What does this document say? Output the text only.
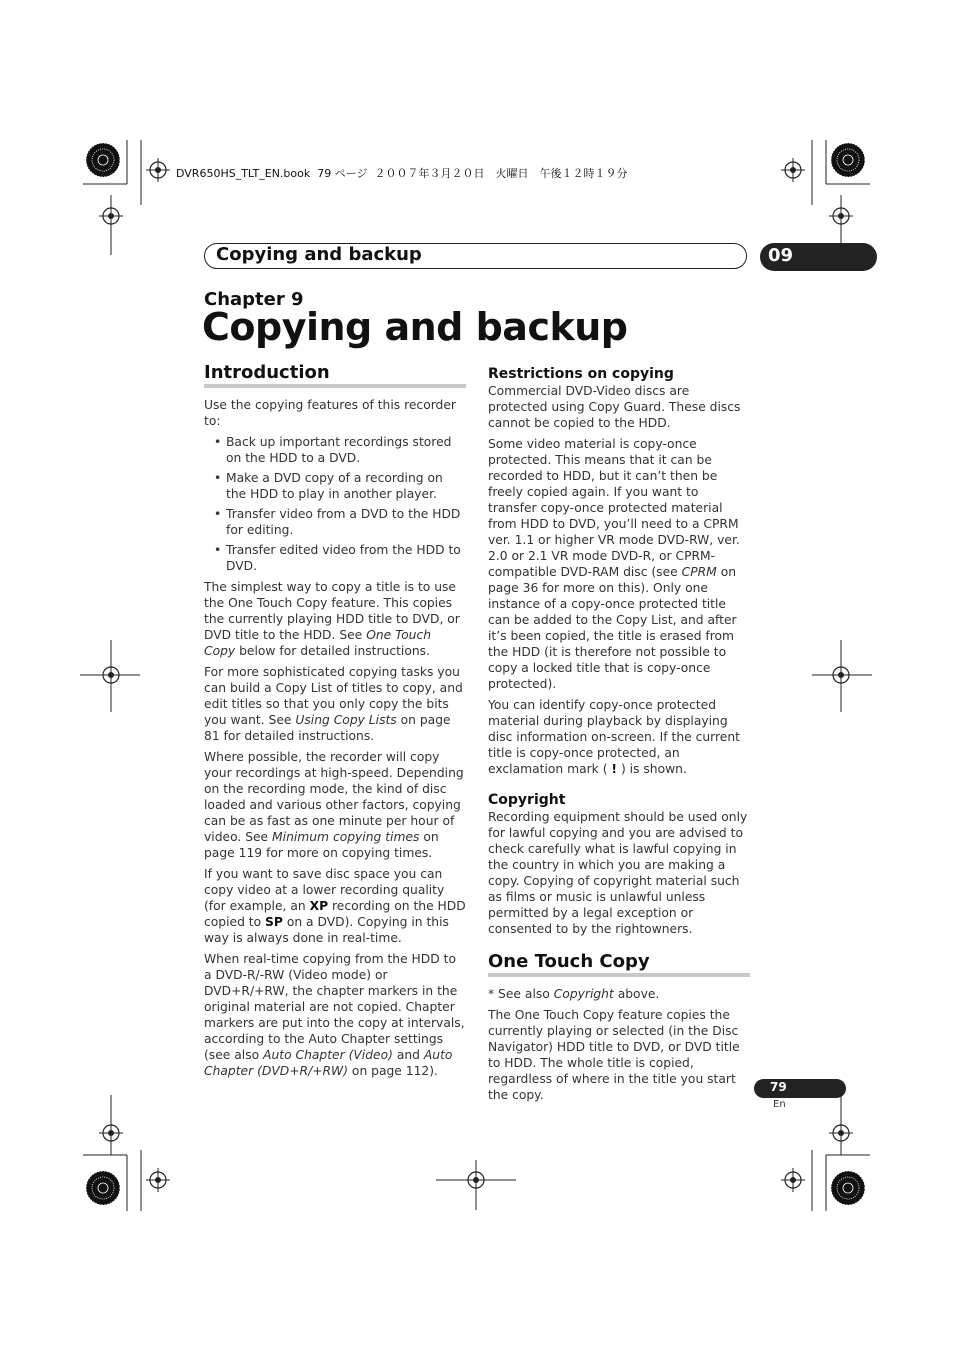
DVR650HS_TLT_EN.book  79 ページ  ２００７年３月２０日　火曜日　午後１２時１９分
Copying and backup	09
Chapter 9
Copying and backup
Introduction

Use the copying features of this recorder to:

• Back up important recordings stored on the HDD to a DVD.
• Make a DVD copy of a recording on the HDD to play in another player.
• Transfer video from a DVD to the HDD for editing.
• Transfer edited video from the HDD to DVD.

The simplest way to copy a title is to use the One Touch Copy feature. This copies the currently playing HDD title to DVD, or DVD title to the HDD. See One Touch Copy below for detailed instructions.

For more sophisticated copying tasks you can build a Copy List of titles to copy, and edit titles so that you only copy the bits you want. See Using Copy Lists on page 81 for detailed instructions.

Where possible, the recorder will copy your recordings at high-speed. Depending on the recording mode, the kind of disc loaded and various other factors, copying can be as fast as one minute per hour of video. See Minimum copying times on page 119 for more on copying times.

If you want to save disc space you can copy video at a lower recording quality (for example, an XP recording on the HDD copied to SP on a DVD). Copying in this way is always done in real-time.

When real-time copying from the HDD to a DVD-R/-RW (Video mode) or DVD+R/+RW, the chapter markers in the original material are not copied. Chapter markers are put into the copy at intervals, according to the Auto Chapter settings (see also Auto Chapter (Video) and Auto Chapter (DVD+R/+RW) on page 112).

Restrictions on copying

Commercial DVD-Video discs are protected using Copy Guard. These discs cannot be copied to the HDD.

Some video material is copy-once protected. This means that it can be recorded to HDD, but it can’t then be freely copied again. If you want to transfer copy-once protected material from HDD to DVD, you’ll need to a CPRM ver. 1.1 or higher VR mode DVD-RW, ver. 2.0 or 2.1 VR mode DVD-R, or CPRM-compatible DVD-RAM disc (see CPRM on page 36 for more on this). Only one instance of a copy-once protected title can be added to the Copy List, and after it’s been copied, the title is erased from the HDD (it is therefore not possible to copy a locked title that is copy-once protected).

You can identify copy-once protected material during playback by displaying disc information on-screen. If the current title is copy-once protected, an exclamation mark ( ! ) is shown.

Copyright

Recording equipment should be used only for lawful copying and you are advised to check carefully what is lawful copying in the country in which you are making a copy. Copying of copyright material such as films or music is unlawful unless permitted by a legal exception or consented to by the rightowners.

One Touch Copy

* See also Copyright above.

The One Touch Copy feature copies the currently playing or selected (in the Disc Navigator) HDD title to DVD, or DVD title to HDD. The whole title is copied, regardless of where in the title you start the copy.

79
En
